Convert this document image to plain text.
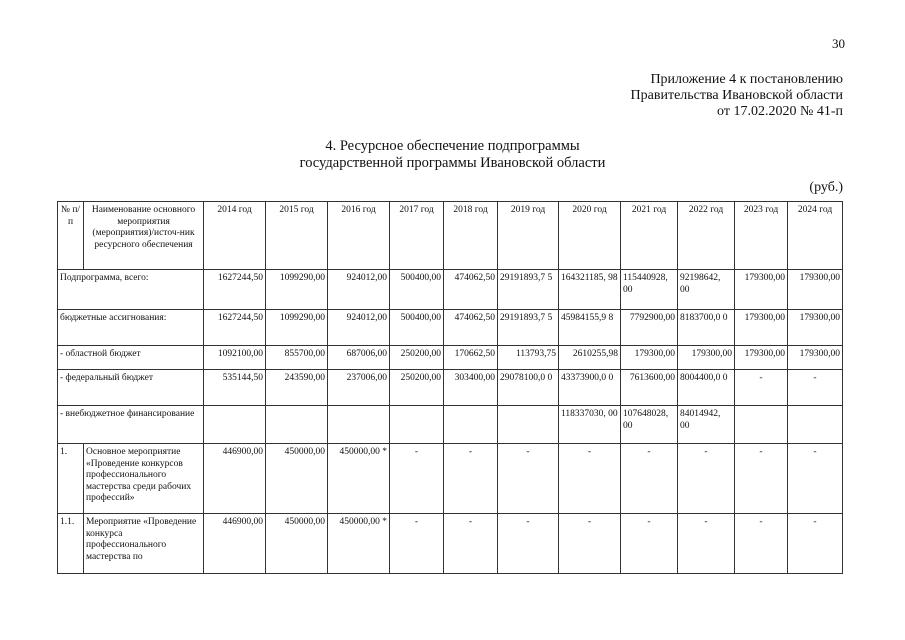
30
Приложение 4 к постановлению
Правительства Ивановской области
от 17.02.2020 № 41-п
4. Ресурсное обеспечение подпрограммы
государственной программы Ивановской области
(руб.)
№ п/п	Наименование основного мероприятия (мероприятия)/источ-ник ресурсного обеспечения	2014 год	2015 год	2016 год	2017 год	2018 год	2019 год	2020 год	2021 год	2022 год	2023 год	2024 год
Подпрограмма, всего:		1627244,50	1099290,00	924012,00	500400,00	474062,50	29191893,7 5	164321185, 98	115440928, 00	92198642, 00	179300,00	179300,00
бюджетные ассигнования:		1627244,50	1099290,00	924012,00	500400,00	474062,50	29191893,7 5	45984155,9 8	7792900,00	8183700,0 0	179300,00	179300,00
- областной бюджет		1092100,00	855700,00	687006,00	250200,00	170662,50	113793,75	2610255,98	179300,00	179300,00	179300,00	179300,00
- федеральный бюджет		535144,50	243590,00	237006,00	250200,00	303400,00	29078100,0 0	43373900,0 0	7613600,00	8004400,0 0	-	-
- внебюджетное финансирование								118337030, 00	107648028, 00	84014942, 00		
1.	Основное мероприятие «Проведение конкурсов профессионального мастерства среди рабочих профессий»	446900,00	450000,00	450000,00 *	-	-	-	-	-	-	-	-
1.1.	Мероприятие «Проведение конкурса профессионального мастерства по	446900,00	450000,00	450000,00 *	-	-	-	-	-	-	-	-
